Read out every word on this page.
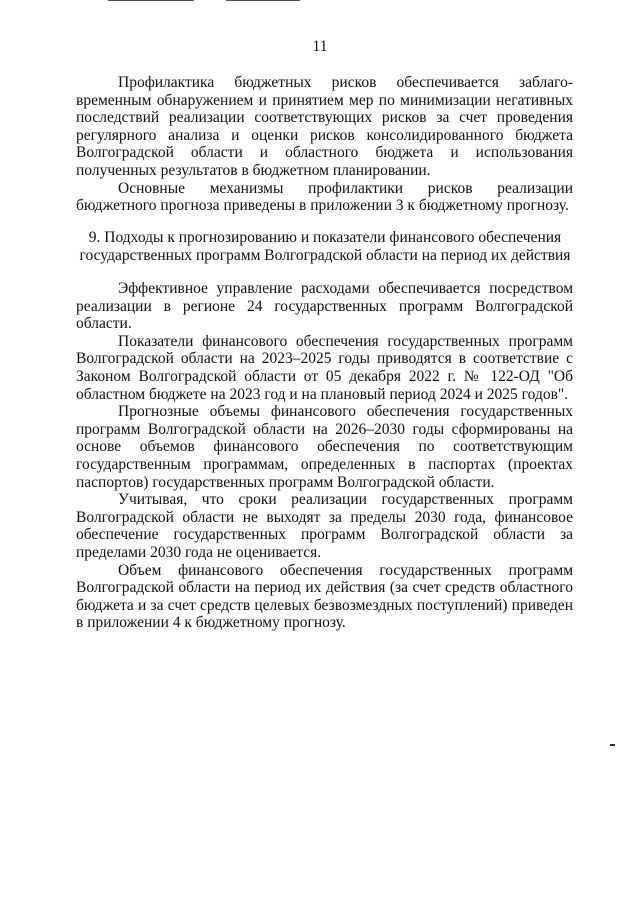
11

Профилактика бюджетных рисков обеспечивается заблаго-временным обнаружением и принятием мер по минимизации негативных последствий реализации соответствующих рисков за счет проведения регулярного анализа и оценки рисков консолидированного бюджета Волгоградской области и областного бюджета и использования полученных результатов в бюджетном планировании.

Основные механизмы профилактики рисков реализации бюджетного прогноза приведены в приложении 3 к бюджетному прогнозу.

9. Подходы к прогнозированию и показатели финансового обеспечения
государственных программ Волгоградской области на период их действия

Эффективное управление расходами обеспечивается посредством реализации в регионе 24 государственных программ Волгоградской области.

Показатели финансового обеспечения государственных программ Волгоградской области на 2023–2025 годы приводятся в соответствие с Законом Волгоградской области от 05 декабря 2022 г. № 122-ОД "Об областном бюджете на 2023 год и на плановый период 2024 и 2025 годов".

Прогнозные объемы финансового обеспечения государственных программ Волгоградской области на 2026–2030 годы сформированы на основе объемов финансового обеспечения по соответствующим государственным программам, определенных в паспортах (проектах паспортов) государственных программ Волгоградской области.

Учитывая, что сроки реализации государственных программ Волгоградской области не выходят за пределы 2030 года, финансовое обеспечение государственных программ Волгоградской области за пределами 2030 года не оценивается.

Объем финансового обеспечения государственных программ Волгоградской области на период их действия (за счет средств областного бюджета и за счет средств целевых безвозмездных поступлений) приведен в приложении 4 к бюджетному прогнозу.
